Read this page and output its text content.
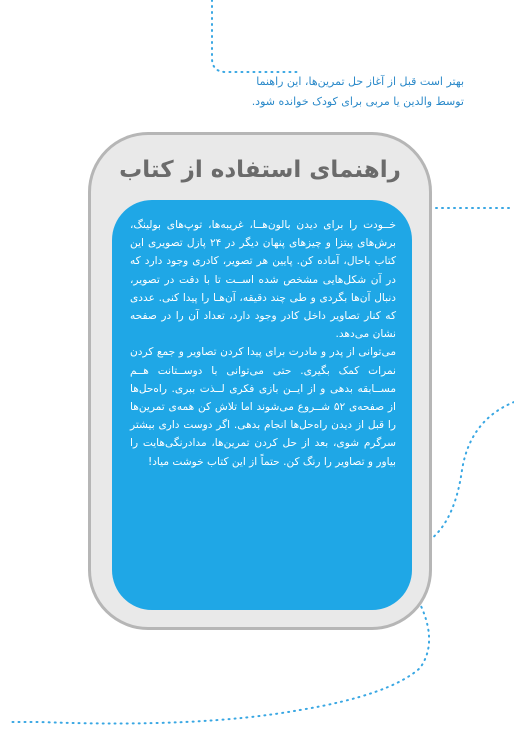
بهتر است قبل از آغاز حل تمرین‌ها، این راهنما
توسط والدین یا مربی برای کودک خوانده شود.
راهنمای استفاده از کتاب

خــودت را برای دیدن بالون‌هــا، غریبه‌ها، توپ‌های بولینگ، برش‌های پیتزا و چیزهای پنهان دیگر در ۲۴ پازل تصویری این کتاب باحال، آماده کن. پایین هر تصویر، کادری وجود دارد که در آن شکل‌هایی مشخص شده اســت تا با دقت در تصویر، دنبال آن‌ها بگردی و طی چند دقیقه، آن‌هـا را پیدا کنی. عددی که کنار تصاویر داخل کادر وجود دارد، تعداد آن را در صفحه نشان می‌دهد.

می‌توانی از پدر و مادرت برای پیدا کردن تصاویر و جمع کردن نمرات کمک بگیری. حتی می‌توانی با دوســتانت هــم مســابقه بدهی و از ایــن بازی فکری لــذت ببری. راه‌حل‌ها از صفحه‌ی ۵۲ شــروع می‌شوند اما تلاش کن همه‌ی تمرین‌ها را قبل از دیدن راه‌حل‌ها انجام بدهی. اگر دوست داری بیشتر سرگرم شوی، بعد از حل کردن تمرین‌ها، مدادرنگی‌هایت را بیاور و تصاویر را رنگ کن. حتماً از این کتاب خوشت میاد!
